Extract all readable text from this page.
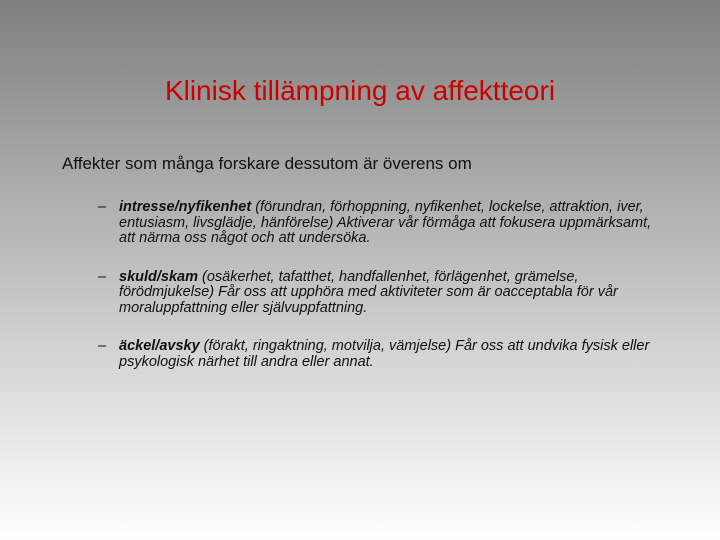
Klinisk tillämpning av affektteori
Affekter som många forskare dessutom är överens om
– intresse/nyfikenhet (förundran, förhoppning, nyfikenhet, lockelse, attraktion, iver, entusiasm, livsglädje, hänförelse) Aktiverar vår förmåga att fokusera uppmärksamt, att närma oss något och att undersöka.
– skuld/skam (osäkerhet, tafatthet, handfallenhet, förlägenhet, grämelse, förödmjukelse) Får oss att upphöra med aktiviteter som är oacceptabla för vår moraluppfattning eller självuppfattning.
– äckel/avsky (förakt, ringaktning, motvilja, vämjelse) Får oss att undvika fysisk eller psykologisk närhet till andra eller annat.
